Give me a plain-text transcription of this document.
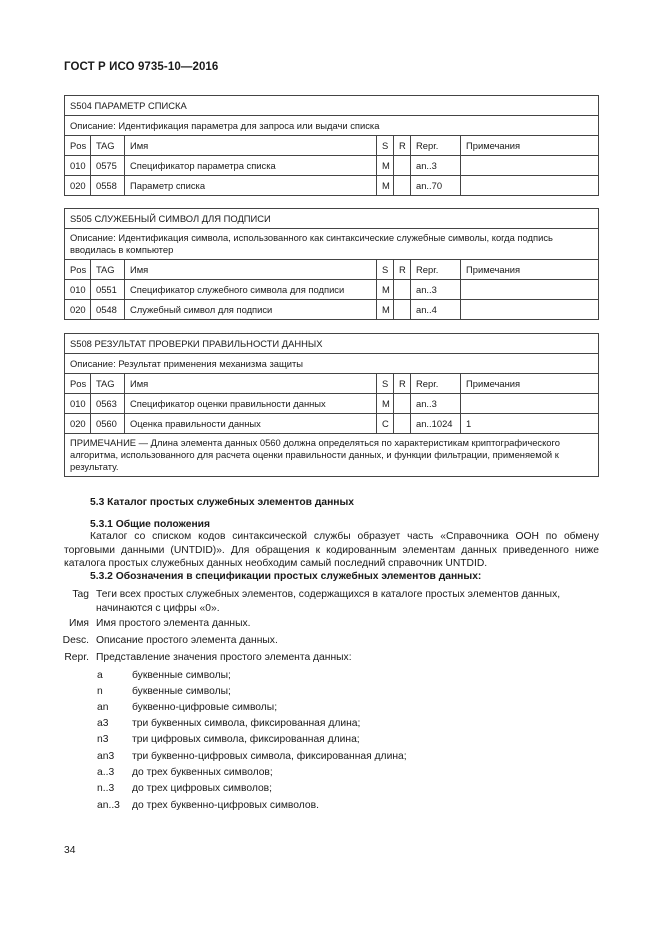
ГОСТ Р ИСО 9735-10—2016
S504 ПАРАМЕТР СПИСКА						
Описание: Идентификация параметра для запроса или выдачи списка						
Pos	TAG	Имя	S	R	Repr.	Примечания
010	0575	Спецификатор параметра списка	M		an..3	
020	0558	Параметр списка	M		an..70	
S505 СЛУЖЕБНЫЙ СИМВОЛ ДЛЯ ПОДПИСИ						
Описание: Идентификация символа, использованного как синтаксические служебные символы, когда подпись вводилась в компьютер						
Pos	TAG	Имя	S	R	Repr.	Примечания
010	0551	Спецификатор служебного символа для подписи	M		an..3	
020	0548	Служебный символ для подписи	M		an..4	
S508 РЕЗУЛЬТАТ ПРОВЕРКИ ПРАВИЛЬНОСТИ ДАННЫХ						
Описание: Результат применения механизма защиты						
Pos	TAG	Имя	S	R	Repr.	Примечания
010	0563	Спецификатор оценки правильности данных	M		an..3	
020	0560	Оценка правильности данных	C		an..1024	1
ПРИМЕЧАНИЕ — Длина элемента данных 0560 должна определяться по характеристикам криптографического алгоритма, использованного для расчета оценки правильности данных, и функции фильтрации, применяемой к результату.						
5.3 Каталог простых служебных элементов данных
5.3.1 Общие положения
Каталог со списком кодов синтаксической службы образует часть «Справочника ООН по обмену торговыми данными (UNTDID)». Для обращения к кодированным элементам данных приведенного ниже каталога простых служебных данных необходим самый последний справочник UNTDID.
5.3.2 Обозначения в спецификации простых служебных элементов данных:
Tag Теги всех простых служебных элементов, содержащихся в каталоге простых элементов данных, начинаются с цифры «0».
Имя Имя простого элемента данных.
Desc. Описание простого элемента данных.
Repr. Представление значения простого элемента данных:
a	буквенные символы;
n	буквенные символы;
an буквенно-цифровые символы;
a3 три буквенных символа, фиксированная длина;
n3 три цифровых символа, фиксированная длина;
an3 три буквенно-цифровых символа, фиксированная длина;
a..3 до трех буквенных символов;
n..3 до трех цифровых символов;
an..3 до трех буквенно-цифровых символов.
34
